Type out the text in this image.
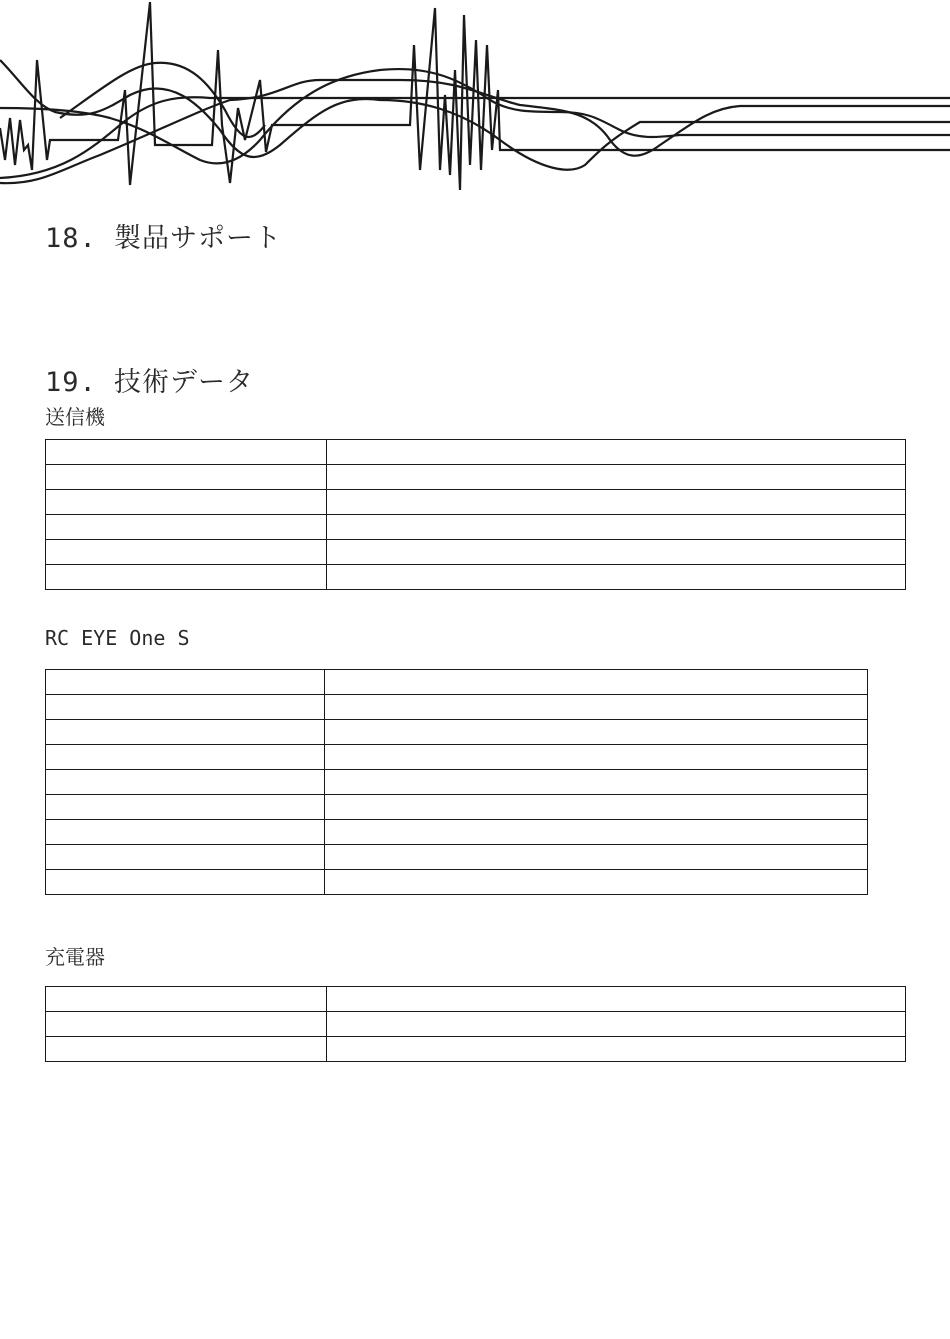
18. 製品サポート
19. 技術データ
送信機

RC EYE One S

充電器
